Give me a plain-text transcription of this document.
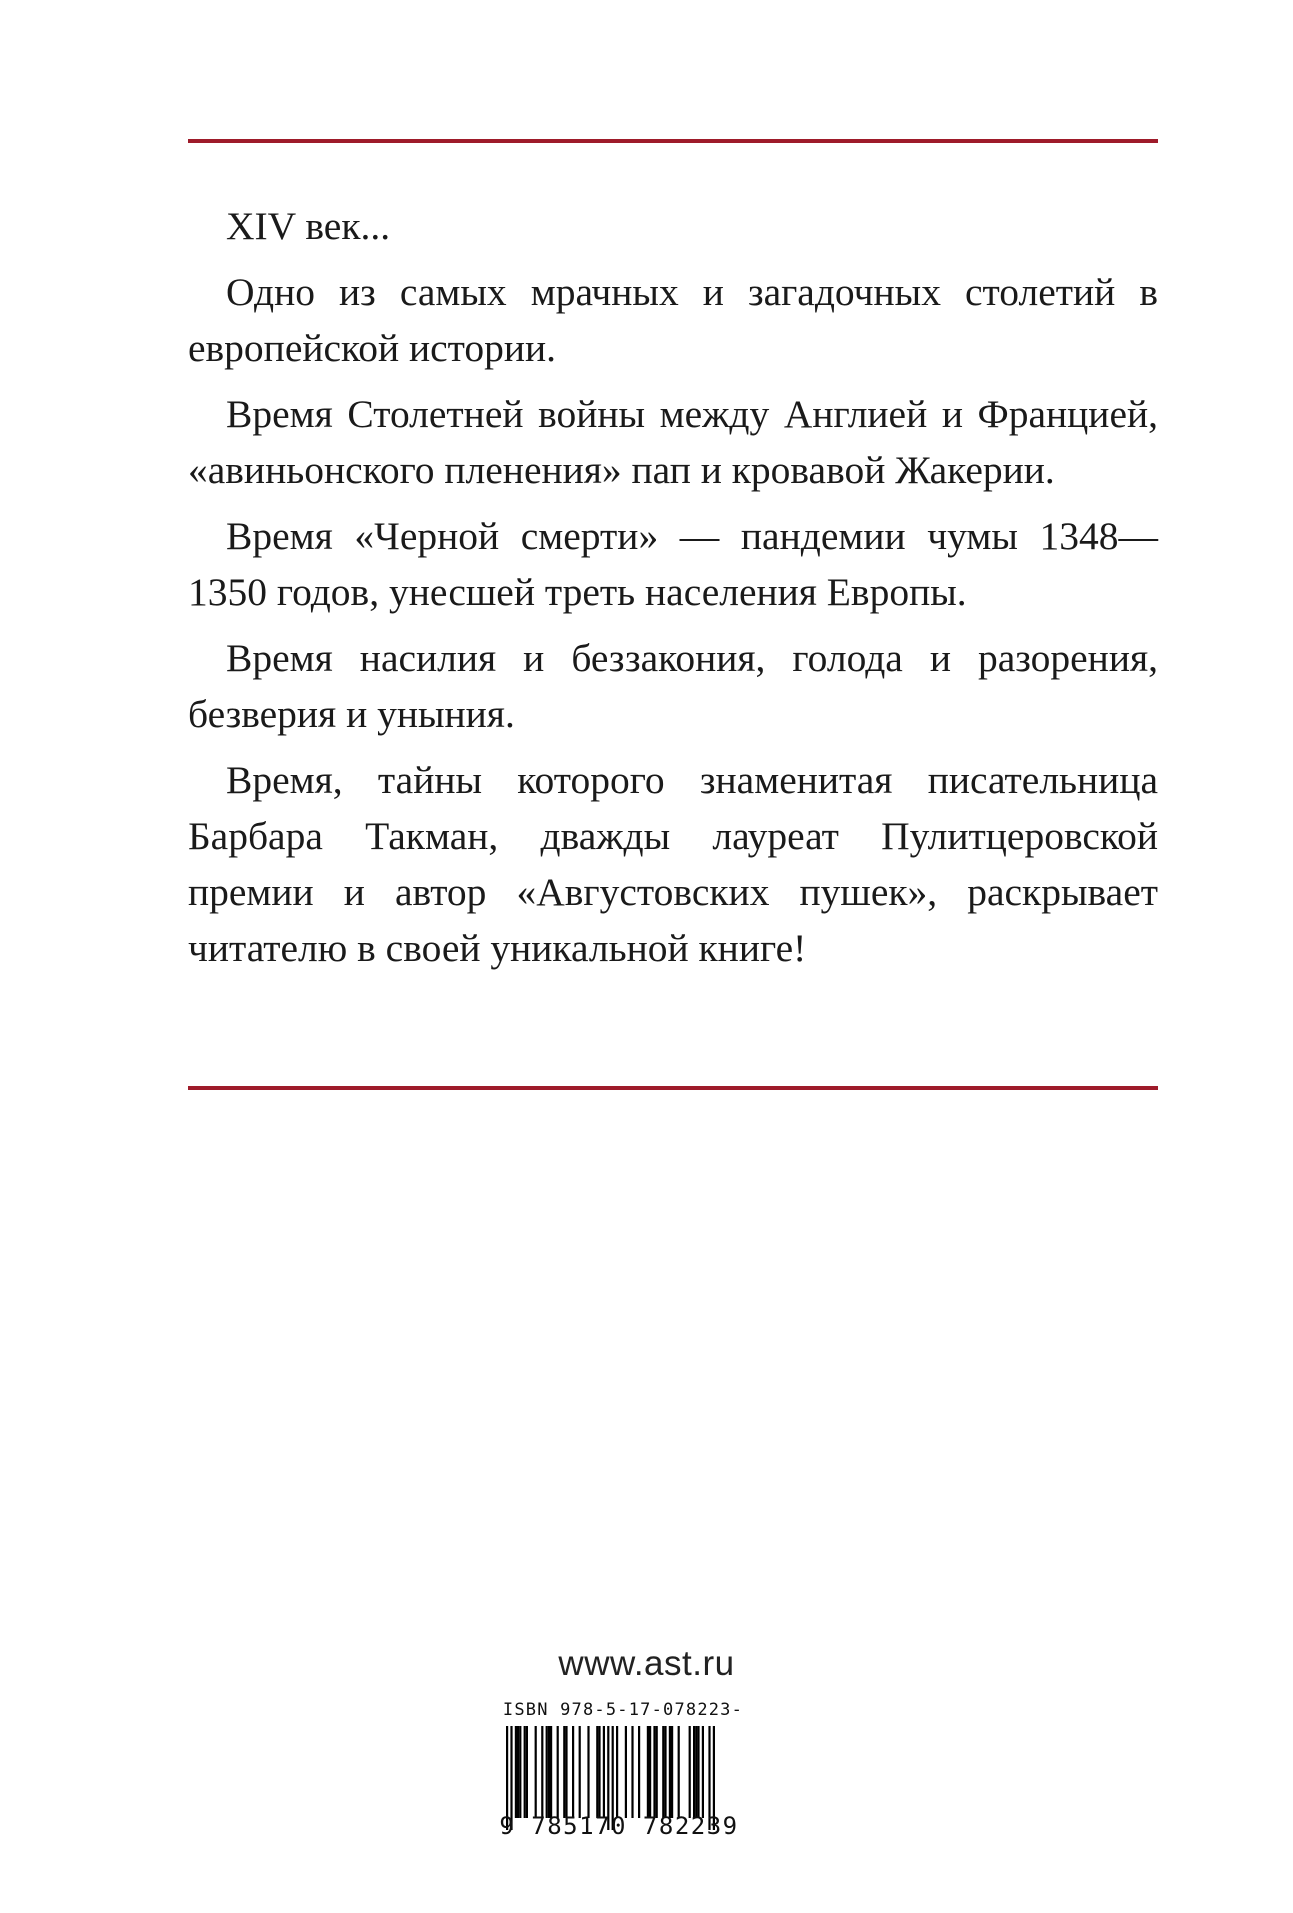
XIV век...

Одно из самых мрачных и загадочных столетий в европейской истории.

Время Столетней войны между Англией и Францией, «авиньонского пленения» пап и кровавой Жакерии.

Время «Черной смерти» — пандемии чумы 1348—1350 годов, унесшей треть населения Европы.

Время насилия и беззакония, голода и разорения, безверия и уныния.

Время, тайны которого знаменитая писательница Барбара Такман, дважды лауреат Пулитцеровской премии и автор «Августовских пушек», раскрывает читателю в своей уникальной книге!

www.ast.ru
ISBN 978-5-17-078223-
9 785170 782239
